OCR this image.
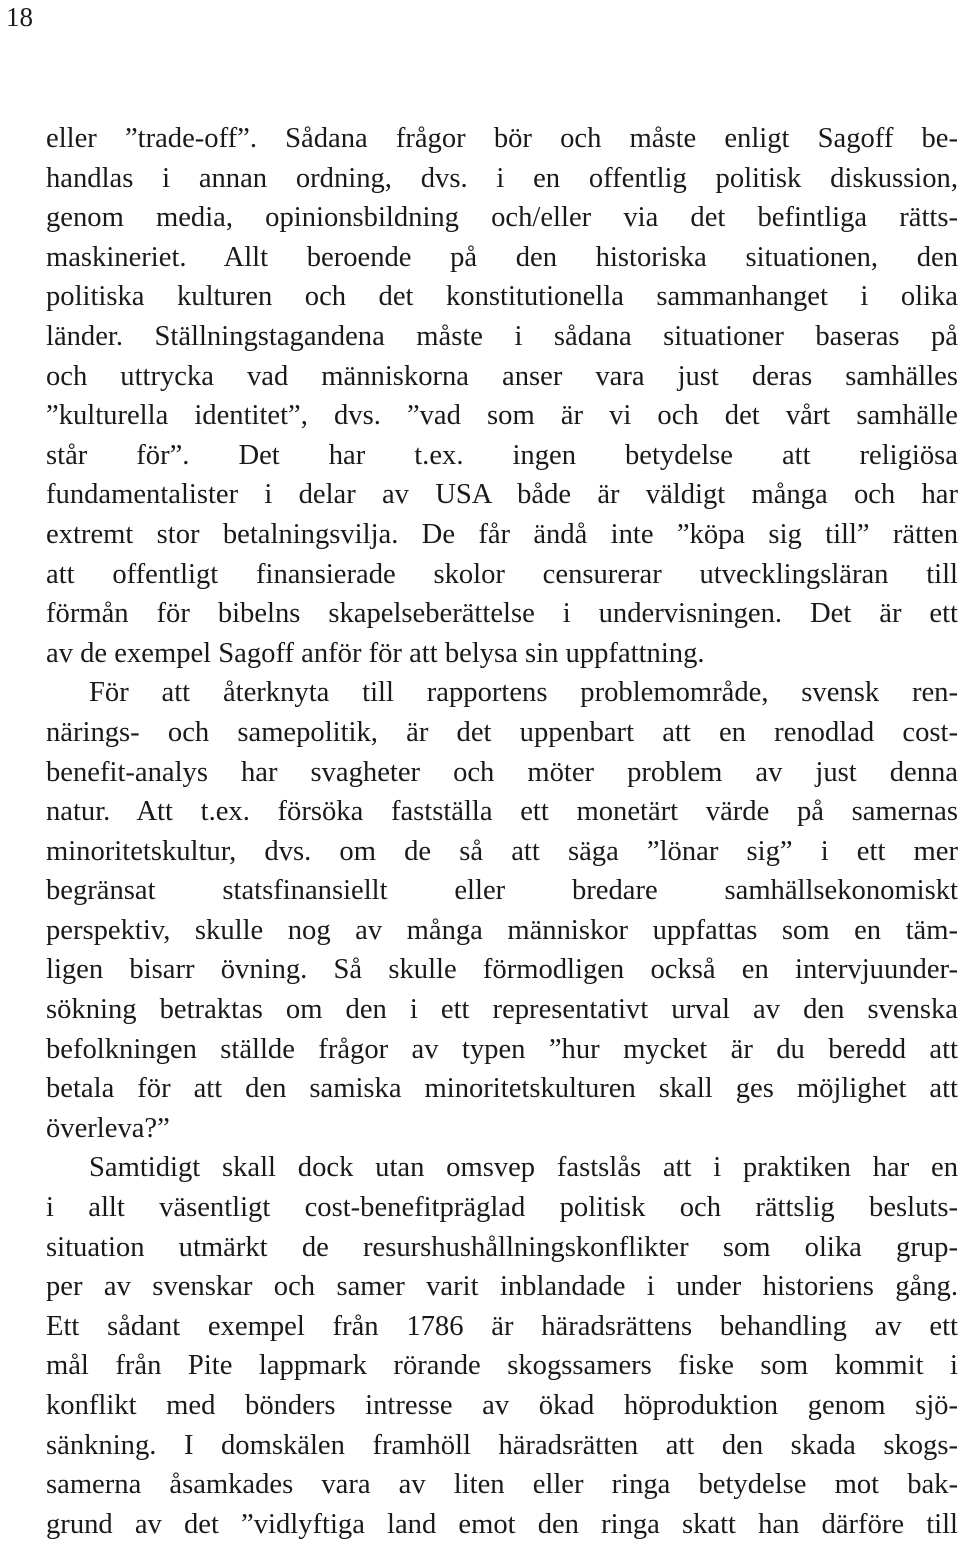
18
eller ”trade-off”. Sådana frågor bör och måste enligt Sagoff be-
handlas i annan ordning, dvs. i en offentlig politisk diskussion,
genom media, opinionsbildning och/eller via det befintliga rätts-
maskineriet. Allt beroende på den historiska situationen, den
politiska kulturen och det konstitutionella sammanhanget i olika
länder. Ställningstagandena måste i sådana situationer baseras på
och uttrycka vad människorna anser vara just deras samhälles
”kulturella identitet”, dvs. ”vad som är vi och det vårt samhälle
står för”. Det har t.ex. ingen betydelse att religiösa
fundamentalister i delar av USA både är väldigt många och har
extremt stor betalningsvilja. De får ändå inte ”köpa sig till” rätten
att offentligt finansierade skolor censurerar utvecklingsläran till
förmån för bibelns skapelseberättelse i undervisningen. Det är ett
av de exempel Sagoff anför för att belysa sin uppfattning.
För att återknyta till rapportens problemområde, svensk ren-
närings- och samepolitik, är det uppenbart att en renodlad cost-
benefit-analys har svagheter och möter problem av just denna
natur. Att t.ex. försöka fastställa ett monetärt värde på samernas
minoritetskultur, dvs. om de så att säga ”lönar sig” i ett mer
begränsat statsfinansiellt eller bredare samhällsekonomiskt
perspektiv, skulle nog av många människor uppfattas som en täm-
ligen bisarr övning. Så skulle förmodligen också en intervjuunder-
sökning betraktas om den i ett representativt urval av den svenska
befolkningen ställde frågor av typen ”hur mycket är du beredd att
betala för att den samiska minoritetskulturen skall ges möjlighet att
överleva?”
Samtidigt skall dock utan omsvep fastslås att i praktiken har en
i allt väsentligt cost-benefitpräglad politisk och rättslig besluts-
situation utmärkt de resurshushållningskonflikter som olika grup-
per av svenskar och samer varit inblandade i under historiens gång.
Ett sådant exempel från 1786 är häradsrättens behandling av ett
mål från Pite lappmark rörande skogssamers fiske som kommit i
konflikt med bönders intresse av ökad höproduktion genom sjö-
sänkning. I domskälen framhöll häradsrätten att den skada skogs-
samerna åsamkades vara av liten eller ringa betydelse mot bak-
grund av det ”vidlyftiga land emot den ringa skatt han därföre till
